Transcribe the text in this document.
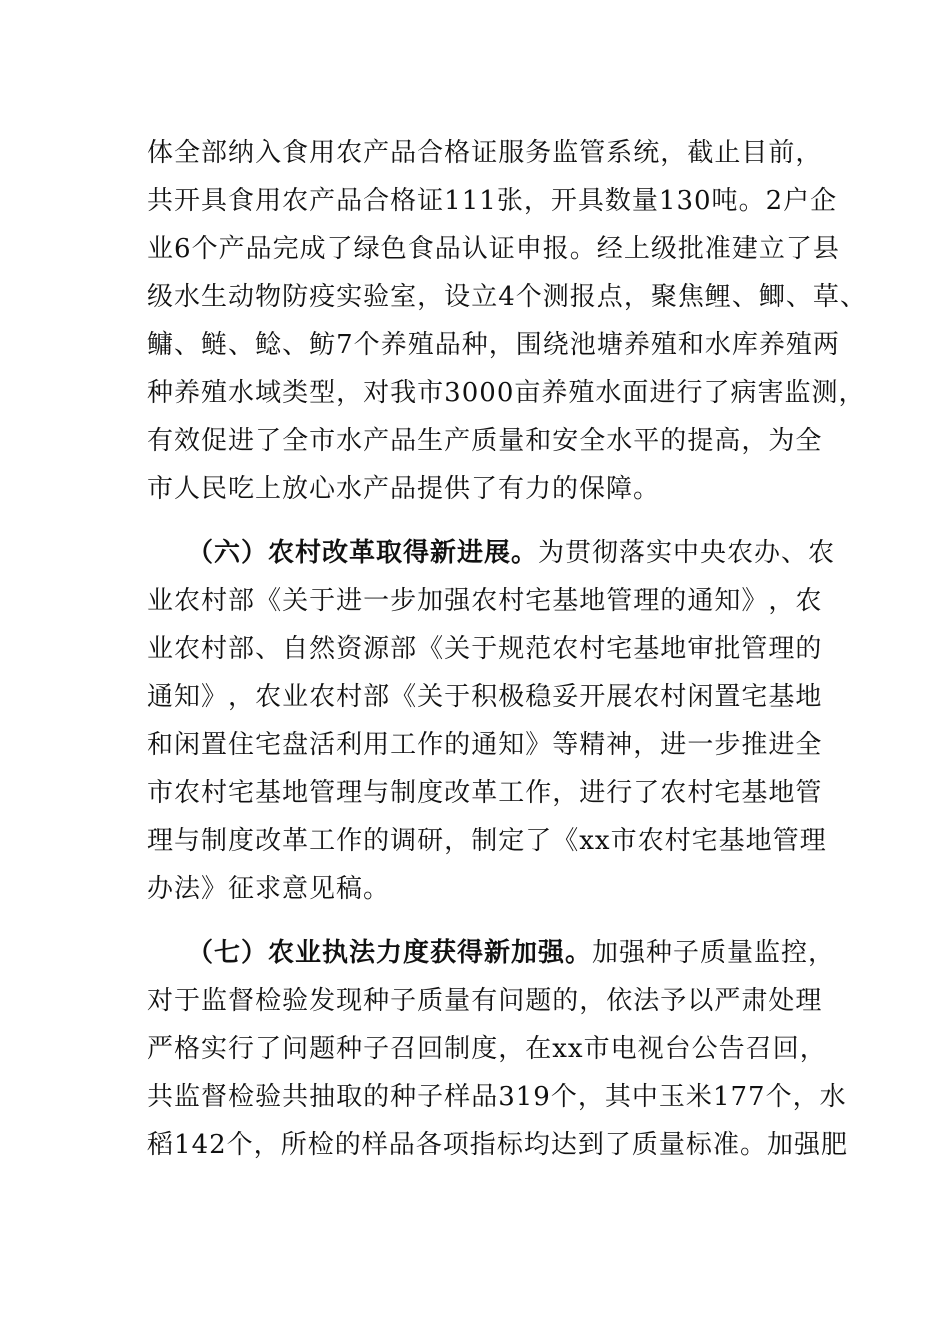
体 全 部 纳 入 食 用 农 产 品 合 格 证 服 务 监 管 系 统 ， 截 止 目 前 ，
共 开 具 食 用 农 产 品 合 格 证 1 1 1 张 ， 开 具 数 量 1 3 0 吨 。 2 户 企
业 6 个 产 品 完 成 了 绿 色 食 品 认 证 申 报 。 经 上 级 批 准 建 立 了 县
级 水 生 动 物 防 疫 实 验 室 ， 设 立 4 个 测 报 点 ， 聚 焦 鲤 、 鲫 、 草 、
鳙 、 鲢 、 鲶 、 鲂 7 个 养 殖 品 种 ， 围 绕 池 塘 养 殖 和 水 库 养 殖 两
种 养 殖 水 域 类 型 ， 对 我 市 3 0 0 0 亩 养 殖 水 面 进 行 了 病 害 监 测 ，
有 效 促 进 了 全 市 水 产 品 生 产 质 量 和 安 全 水 平 的 提 高 ， 为 全
市人民吃上放心水产品提供了有力的保障。
（六）农村改革取得新进展。为贯彻落实中央农办、农
业 农 村 部 《 关 于 进 一 步 加 强 农 村 宅 基 地 管 理 的 通 知 》 ， 农
业 农 村 部 、 自 然 资 源 部 《 关 于 规 范 农 村 宅 基 地 审 批 管 理 的
通 知 》 ， 农 业 农 村 部 《 关 于 积 极 稳 妥 开 展 农 村 闲 置 宅 基 地
和 闲 置 住 宅 盘 活 利 用 工 作 的 通 知 》 等 精 神 ， 进 一 步 推 进 全
市 农 村 宅 基 地 管 理 与 制 度 改 革 工 作 ， 进 行 了 农 村 宅 基 地 管
理 与 制 度 改 革 工 作 的 调 研 ， 制 定 了 《 x x 市 农 村 宅 基 地 管 理
办法》征求意见稿。
（七）农业执法力度获得新加强。加强种子质量监控，
对 于 监 督 检 验 发 现 种 子 质 量 有 问 题 的 ， 依 法 予 以 严 肃 处 理
严 格 实 行 了 问 题 种 子 召 回 制 度 ， 在 x x 市 电 视 台 公 告 召 回 ，
共 监 督 检 验 共 抽 取 的 种 子 样 品 3 1 9 个 ， 其 中 玉 米 1 7 7 个 ， 水
稻 1 4 2 个 ， 所 检 的 样 品 各 项 指 标 均 达 到 了 质 量 标 准 。 加 强 肥
